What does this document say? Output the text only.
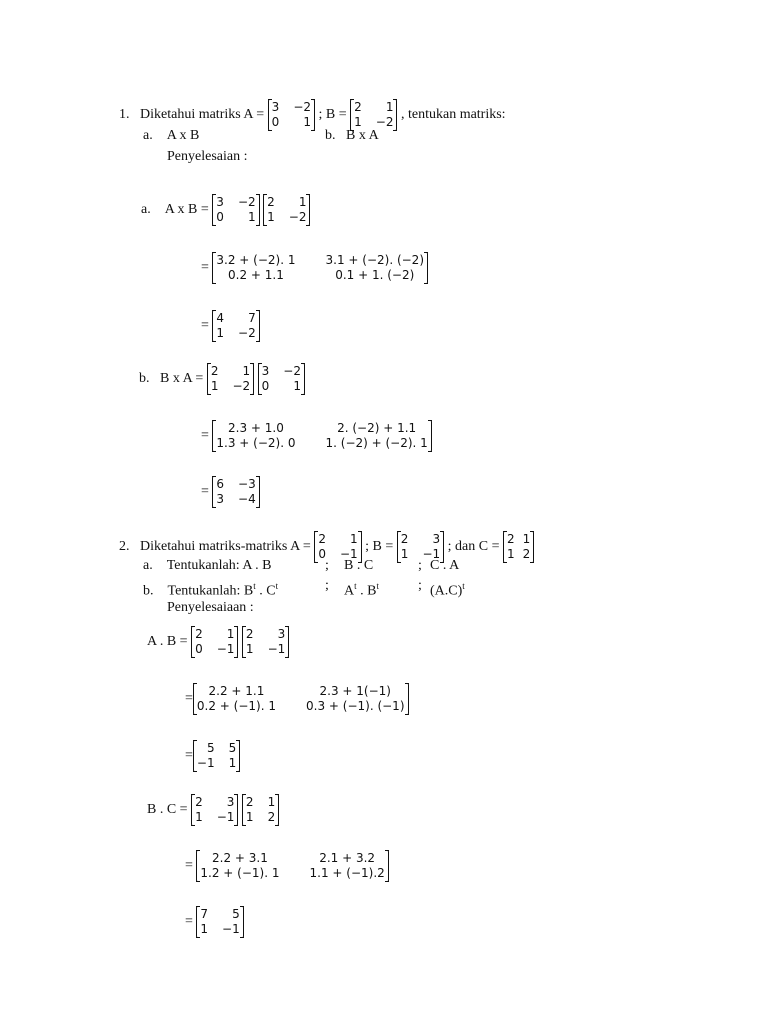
1. Diketahui matriks A =
3 −2
0	1 ; B =
2	1
1 −2 , tentukan matriks:
a. A x B	b. B x A
Penyelesaian :
a. A x B =
3 −2
0	1

2	1
1 −2
=
3.2 + (−2). 1	3.1 + (−2). (−2)
0.2 + 1.1	0.1 + 1. (−2)
=
4	7
1 −2
b. B x A =
2	1
1 −2

3 −2
0	1
=
2.3 + 1.0	2. (−2) + 1.1
1.3 + (−2). 0	1. (−2) + (−2). 1
=
6 −3
3 −4
2. Diketahui matriks-matriks A =
2	1
0 −1 ; B =
2	3
1 −1 ; dan C =
2 1
1 2
a. Tentukanlah: A . B	; B . C	; C . A
b. Tentukanlah: $B^t$ . $C^t$	; $A^t$ . $B^t$	; $(A.C)^t$
Penyelesaiaan :
A . B =
2	1
0 −1

2	3
1 −1
=
2.2 + 1.1	2.3 + 1(−1)
0.2 + (−1). 1	0.3 + (−1). (−1)
=
5 5
−1 1
B . C =
2	3
1 −1

2 1
1 2
=
2.2 + 3.1	2.1 + 3.2
1.2 + (−1). 1	1.1 + (−1).2
=
7	5
1 −1
